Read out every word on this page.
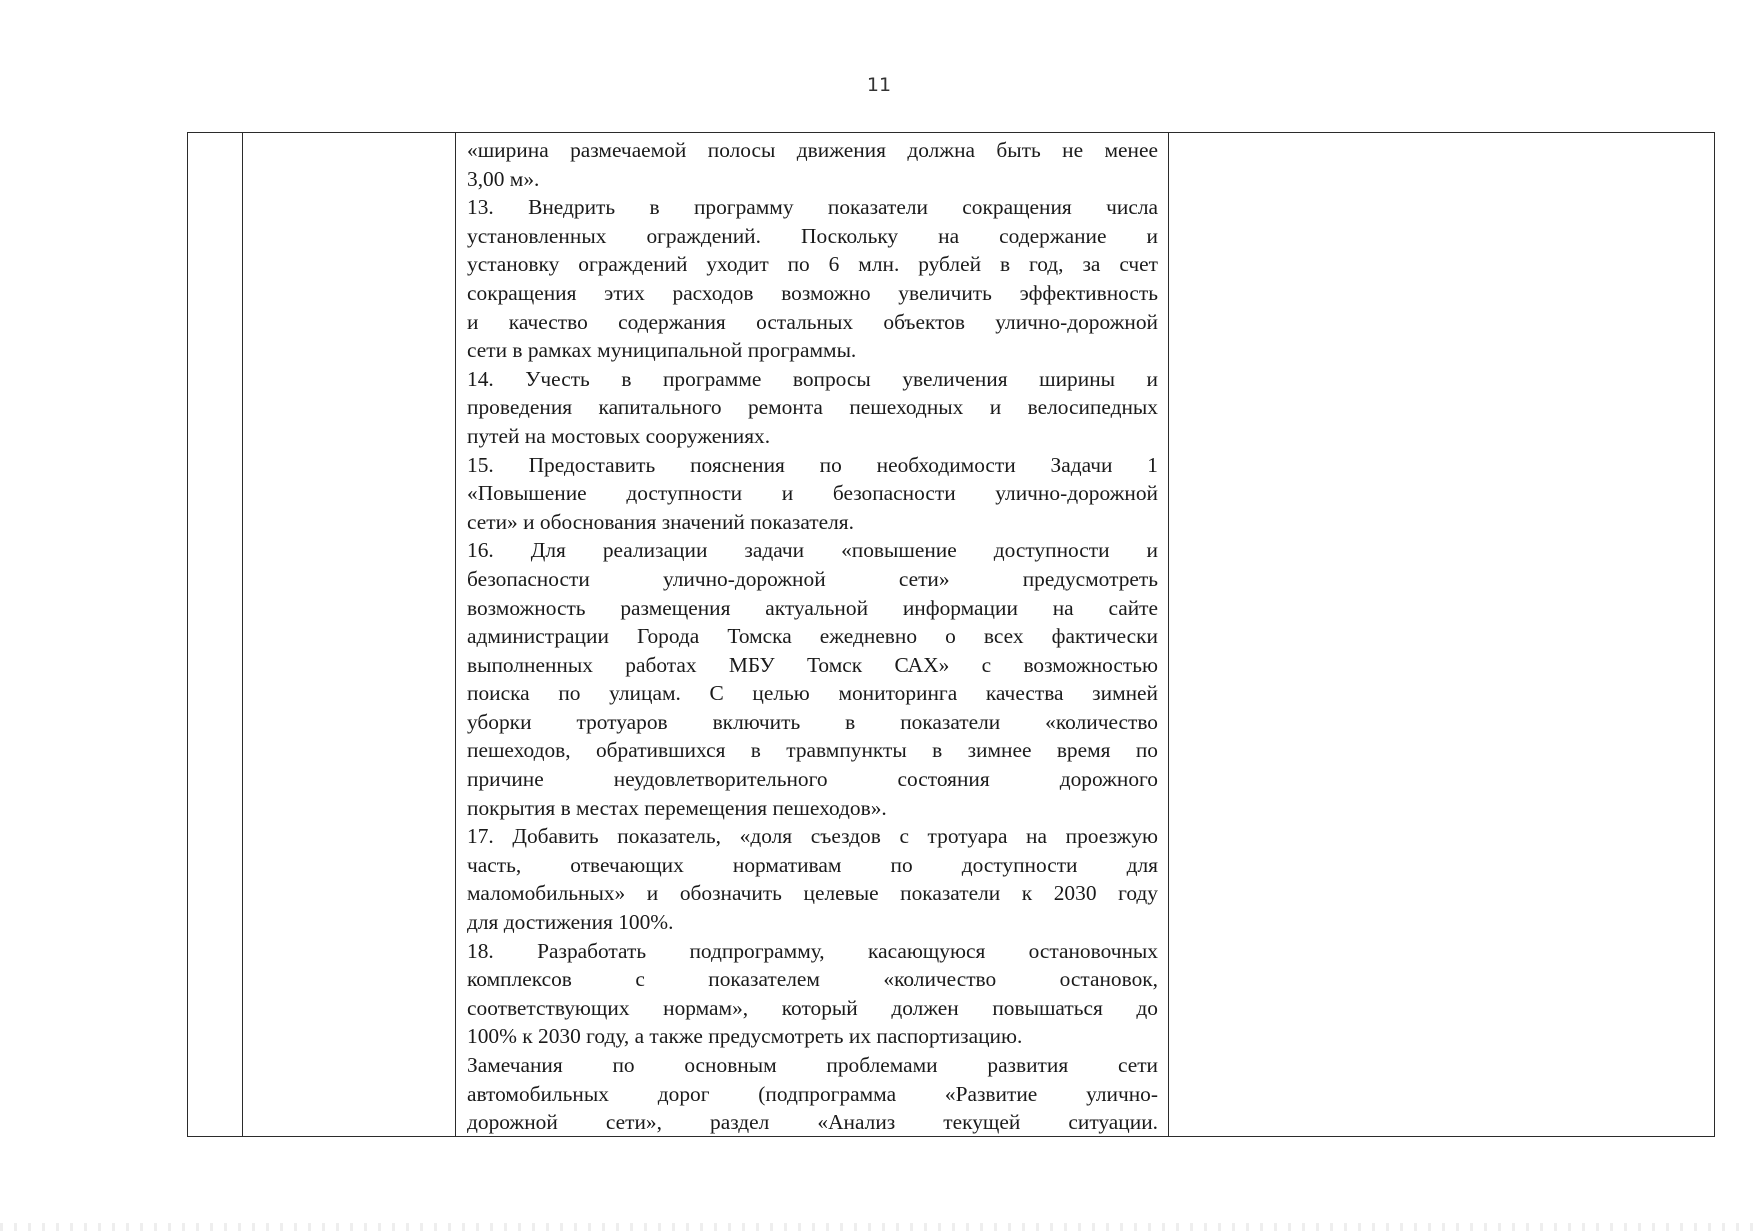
11
«ширина размечаемой полосы движения должна быть не менее
3,00 м».
13. Внедрить в программу показатели сокращения числа
установленных ограждений. Поскольку на содержание и
установку ограждений уходит по 6 млн. рублей в год, за счет
сокращения этих расходов возможно увеличить эффективность
и качество содержания остальных объектов улично-дорожной
сети в рамках муниципальной программы.
14. Учесть в программе вопросы увеличения ширины и
проведения капитального ремонта пешеходных и велосипедных
путей на мостовых сооружениях.
15. Предоставить пояснения по необходимости Задачи 1
«Повышение доступности и безопасности улично-дорожной
сети» и обоснования значений показателя.
16. Для реализации задачи «повышение доступности и
безопасности улично-дорожной сети» предусмотреть
возможность размещения актуальной информации на сайте
администрации Города Томска ежедневно о всех фактически
выполненных работах МБУ Томск САХ» с возможностью
поиска по улицам. С целью мониторинга качества зимней
уборки тротуаров включить в показатели «количество
пешеходов, обратившихся в травмпункты в зимнее время по
причине неудовлетворительного состояния дорожного
покрытия в местах перемещения пешеходов».
17. Добавить показатель, «доля съездов с тротуара на проезжую
часть, отвечающих нормативам по доступности для
маломобильных» и обозначить целевые показатели к 2030 году
для достижения 100%.
18. Разработать подпрограмму, касающуюся остановочных
комплексов с показателем «количество остановок,
соответствующих нормам», который должен повышаться до
100% к 2030 году, а также предусмотреть их паспортизацию.
Замечания по основным проблемами развития сети
автомобильных дорог (подпрограмма «Развитие улично-
дорожной сети», раздел «Анализ текущей ситуации.
